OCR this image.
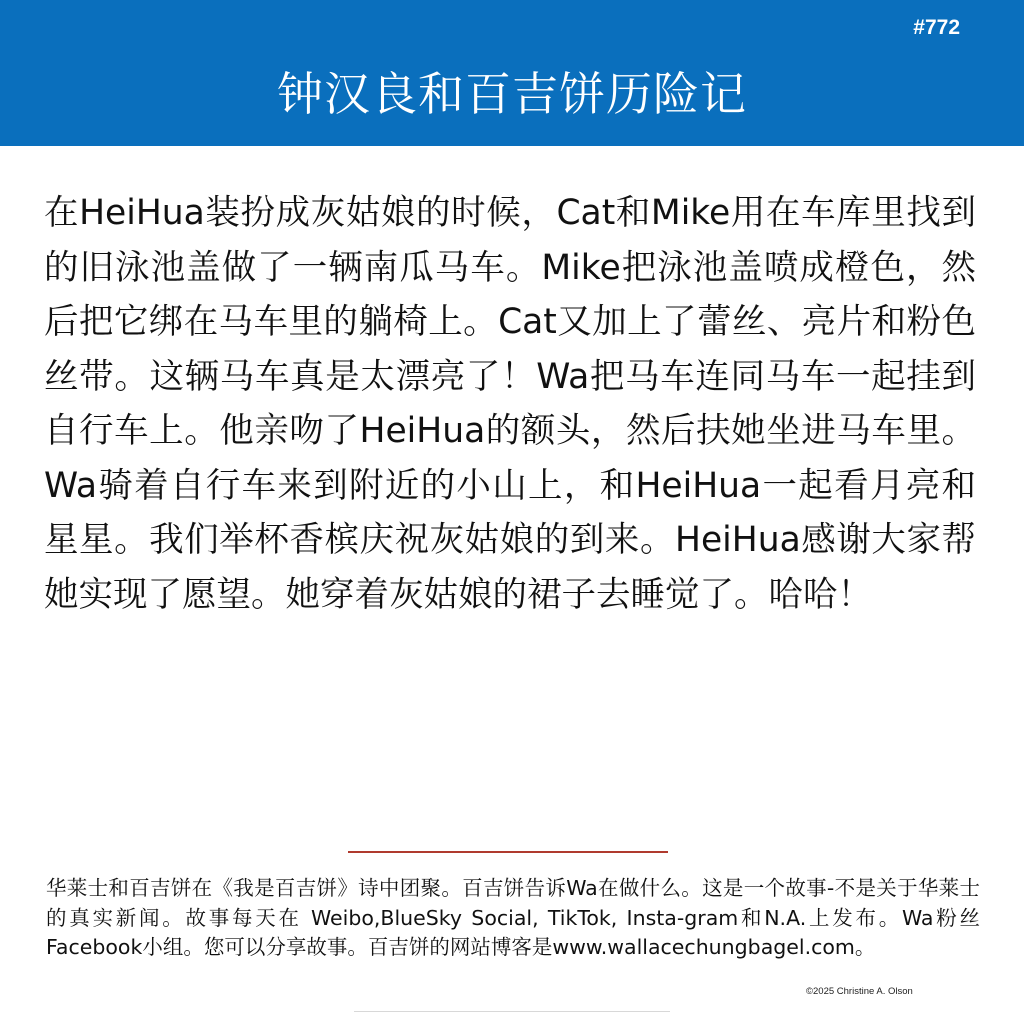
#772
钟汉良和百吉饼历险记

在HeiHua装扮成灰姑娘的时候，Cat和Mike用在车库里找到的旧泳池盖做了一辆南瓜马车。Mike把泳池盖喷成橙色，然后把它绑在马车里的躺椅上。Cat又加上了蕾丝、亮片和粉色丝带。这辆马车真是太漂亮了！Wa把马车连同马车一起挂到自行车上。他亲吻了HeiHua的额头，然后扶她坐进马车里。Wa骑着自行车来到附近的小山上，和HeiHua一起看月亮和星星。我们举杯香槟庆祝灰姑娘的到来。HeiHua感谢大家帮她实现了愿望。她穿着灰姑娘的裙子去睡觉了。哈哈！

华莱士和百吉饼在《我是百吉饼》诗中团聚。百吉饼告诉Wa在做什么。这是一个故事-不是关于华莱士的真实新闻。故事每天在 Weibo,BlueSky Social, TikTok, Insta-gram和N.A.上发布。Wa粉丝Facebook小组。您可以分享故事。百吉饼的网站博客是www.wallacechungbagel.com。

©2025 Christine A. Olson
